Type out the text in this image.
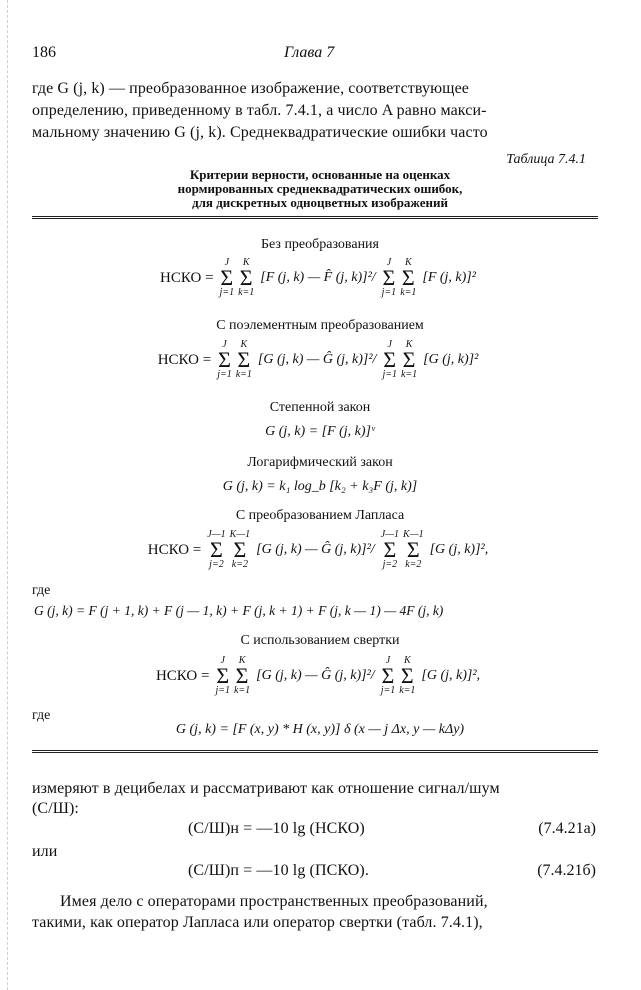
186	Глава 7
где G (j, k) — преобразованное изображение, соответствующее
определению, приведенному в табл. 7.4.1, а число A равно макси-
мальному значению G (j, k). Среднеквадратические ошибки часто
Таблица 7.4.1
Критерии верности, основанные на оценках
нормированных среднеквадратических ошибок,
для дискретных одноцветных изображений
Без преобразования
НСКО =
J
Σ
j=1
K
Σ
k=1
[F (j, k) — F̂ (j, k)]²/
J
Σ
j=1
K
Σ
k=1
[F (j, k)]²
С поэлементным преобразованием
НСКО =
J
Σ
j=1
K
Σ
k=1
[G (j, k) — Ĝ (j, k)]²/
J
Σ
j=1
K
Σ
k=1
[G (j, k)]²
Степенной закон
G (j, k) = [F (j, k)]ᵛ
Логарифмический закон
G (j, k) = k₁ log_b [k₂ + k₃F (j, k)]
С преобразованием Лапласа
НСКО =
J—1
Σ
j=2
K—1
Σ
k=2
[G (j, k) — Ĝ (j, k)]²/
J—1
Σ
j=2
K—1
Σ
k=2
[G (j, k)]²,
где
G (j, k) = F (j + 1, k) + F (j — 1, k) + F (j, k + 1) + F (j, k — 1) — 4F (j, k)
С использованием свертки
НСКО =
J
Σ
j=1
K
Σ
k=1
[G (j, k) — Ĝ (j, k)]²/
J
Σ
j=1
K
Σ
k=1
[G (j, k)]²,
где
G (j, k) = [F (x, y) * H (x, y)] δ (x — j Δx, y — kΔy)
измеряют в децибелах и рассматривают как отношение сигнал/шум
(С/Ш):
(С/Ш)н = —10 lg (НСКО)	(7.4.21а)
или
(С/Ш)п = —10 lg (ПСКО).	(7.4.21б)
Имея дело с операторами пространственных преобразований,
такими, как оператор Лапласа или оператор свертки (табл. 7.4.1),
